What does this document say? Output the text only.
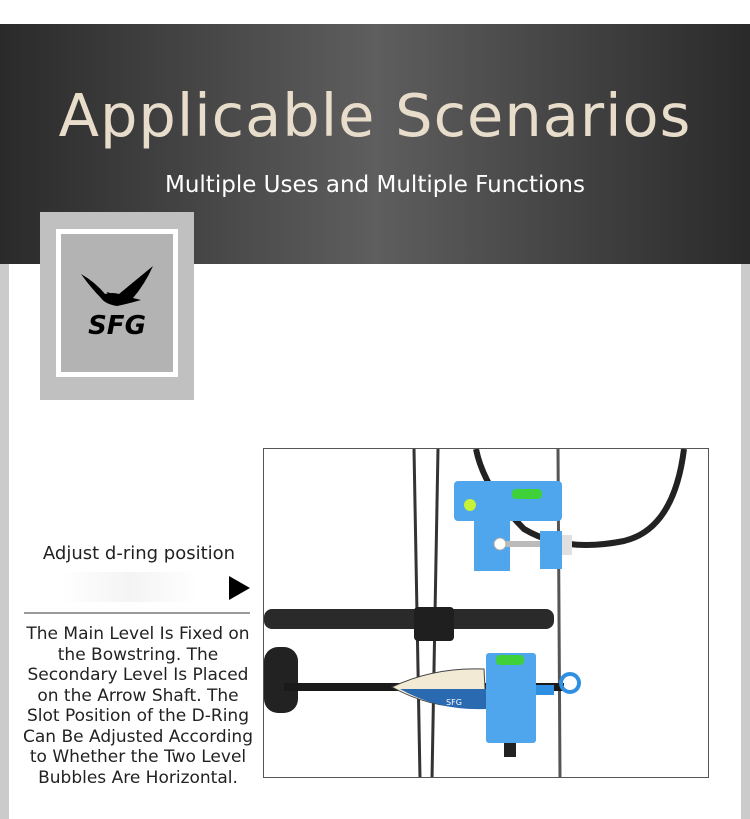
Applicable Scenarios
Multiple Uses and Multiple Functions
SFG
Adjust d-ring position
The Main Level Is Fixed on the Bowstring. The Secondary Level Is Placed on the Arrow Shaft. The Slot Position of the D-Ring Can Be Adjusted According to Whether the Two Level Bubbles Are Horizontal.
SFG
